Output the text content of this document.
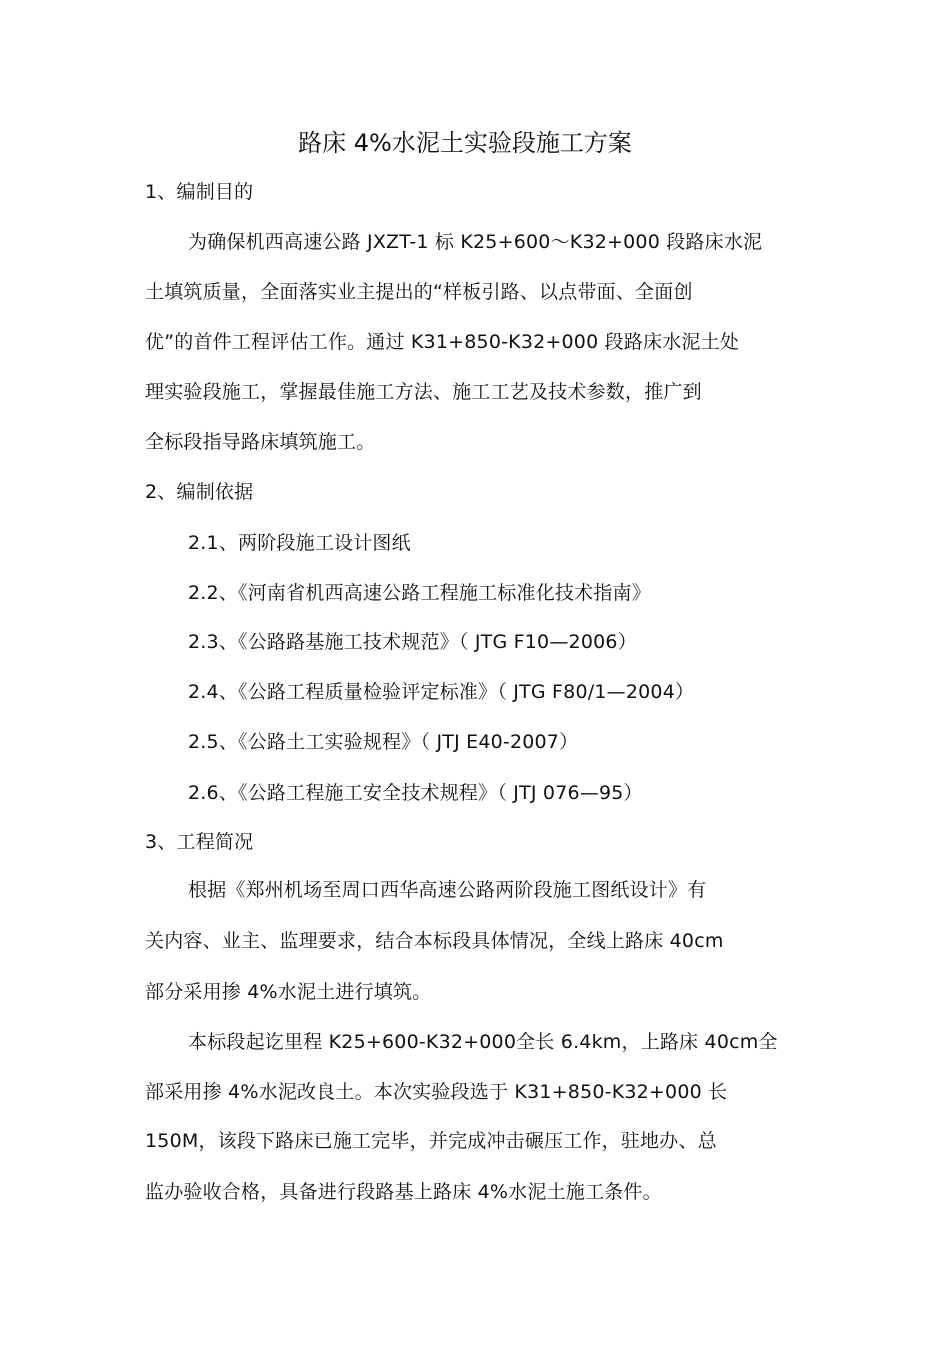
路床 4%水泥土实验段施工方案
1、编制目的
为确保机西高速公路 JXZT-1 标 K25+600～K32+000 段路床水泥
土填筑质量，全面落实业主提出的“样板引路、以点带面、全面创
优”的首件工程评估工作。通过 K31+850-K32+000 段路床水泥土处
理实验段施工，掌握最佳施工方法、施工工艺及技术参数，推广到
全标段指导路床填筑施工。
2、编制依据
2.1、两阶段施工设计图纸
2.2、《河南省机西高速公路工程施工标准化技术指南》
2.3、《公路路基施工技术规范》（ JTG F10—2006）
2.4、《公路工程质量检验评定标准》（ JTG F80/1—2004）
2.5、《公路土工实验规程》（ JTJ E40-2007）
2.6、《公路工程施工安全技术规程》（ JTJ 076—95）
3、工程简况
根据《郑州机场至周口西华高速公路两阶段施工图纸设计》有
关内容、业主、监理要求，结合本标段具体情况，全线上路床 40cm
部分采用掺 4%水泥土进行填筑。
本标段起讫里程 K25+600-K32+000全长 6.4km，上路床 40cm全
部采用掺 4%水泥改良土。本次实验段选于 K31+850-K32+000 长
150M，该段下路床已施工完毕，并完成冲击碾压工作，驻地办、总
监办验收合格，具备进行段路基上路床 4%水泥土施工条件。
